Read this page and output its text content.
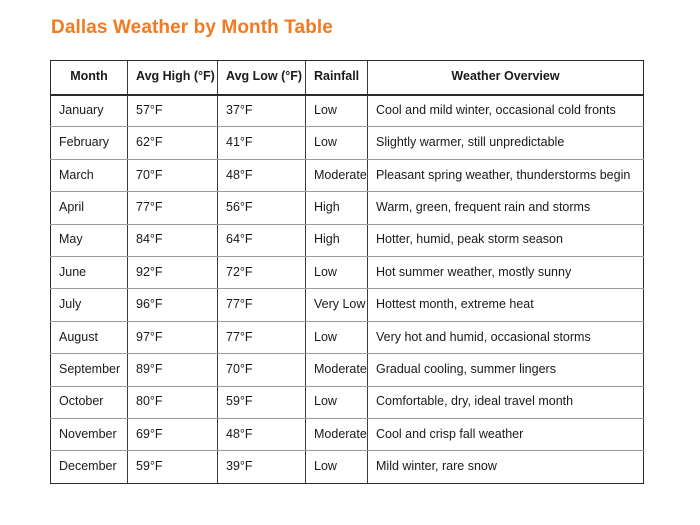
Dallas Weather by Month Table
Month	Avg High (°F)	Avg Low (°F)	Rainfall	Weather Overview
January	57°F	37°F	Low	Cool and mild winter, occasional cold fronts
February	62°F	41°F	Low	Slightly warmer, still unpredictable
March	70°F	48°F	Moderate	Pleasant spring weather, thunderstorms begin
April	77°F	56°F	High	Warm, green, frequent rain and storms
May	84°F	64°F	High	Hotter, humid, peak storm season
June	92°F	72°F	Low	Hot summer weather, mostly sunny
July	96°F	77°F	Very Low	Hottest month, extreme heat
August	97°F	77°F	Low	Very hot and humid, occasional storms
September	89°F	70°F	Moderate	Gradual cooling, summer lingers
October	80°F	59°F	Low	Comfortable, dry, ideal travel month
November	69°F	48°F	Moderate	Cool and crisp fall weather
December	59°F	39°F	Low	Mild winter, rare snow
